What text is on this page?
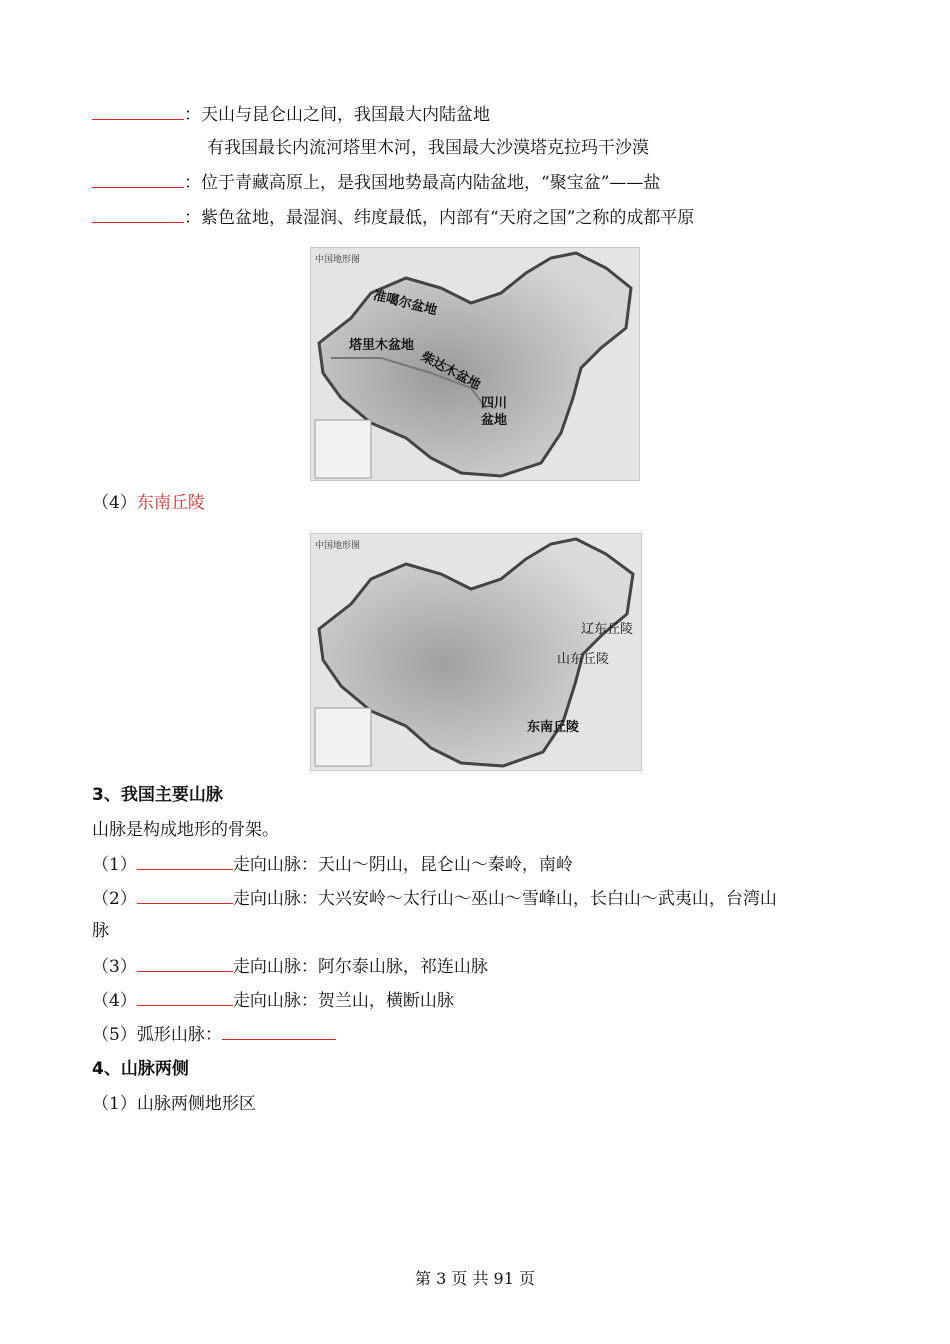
：天山与昆仑山之间，我国最大内陆盆地
有我国最长内流河塔里木河，我国最大沙漠塔克拉玛干沙漠
：位于青藏高原上，是我国地势最高内陆盆地，“聚宝盆”——盐
：紫色盆地，最湿润、纬度最低，内部有“天府之国”之称的成都平原
中国地形图
准噶尔盆地
塔里木盆地
柴达木盆地
四川
盆地
（4）东南丘陵
中国地形图
辽东丘陵
山东丘陵
东南丘陵
3、我国主要山脉
山脉是构成地形的骨架。
（1）	走向山脉：天山～阴山，昆仑山～秦岭，南岭
（2）	走向山脉：大兴安岭～太行山～巫山～雪峰山，长白山～武夷山，台湾山
脉
（3）	走向山脉：阿尔泰山脉，祁连山脉
（4）	走向山脉：贺兰山，横断山脉
（5）弧形山脉：
4、山脉两侧
（1）山脉两侧地形区
第 3 页 共 91 页
